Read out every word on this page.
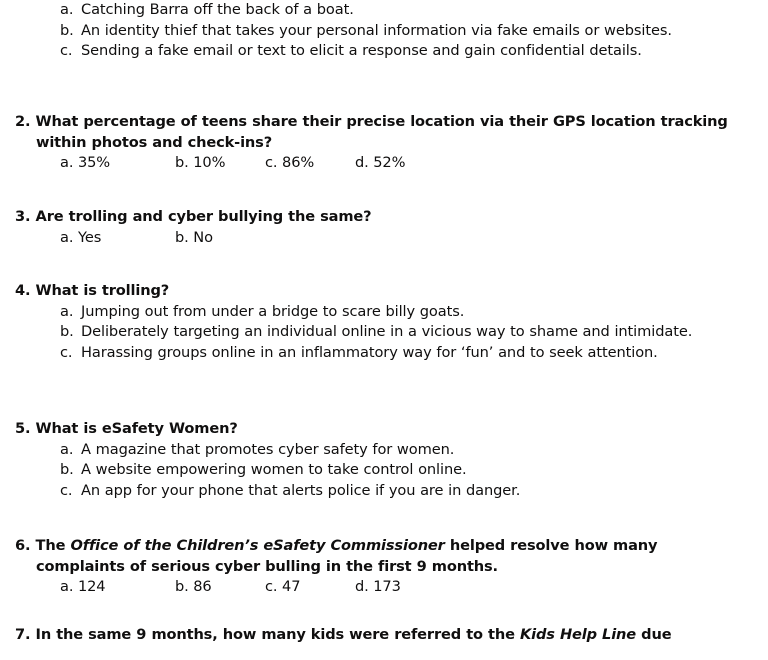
a. Catching Barra off the back of a boat.
b. An identity thief that takes your personal information via fake emails or websites.
c. Sending a fake email or text to elicit a response and gain confidential details.
2. What percentage of teens share their precise location via their GPS location tracking within photos and check-ins?
a. 35%	b. 10%	c. 86%	d. 52%
3. Are trolling and cyber bullying the same?
a. Yes	b. No
4. What is trolling?
a. Jumping out from under a bridge to scare billy goats.
b. Deliberately targeting an individual online in a vicious way to shame and intimidate.
c. Harassing groups online in an inflammatory way for ‘fun’ and to seek attention.
5. What is eSafety Women?
a. A magazine that promotes cyber safety for women.
b. A website empowering women to take control online.
c. An app for your phone that alerts police if you are in danger.
6. The Office of the Children’s eSafety Commissioner helped resolve how many complaints of serious cyber bulling in the first 9 months.
a. 124	b. 86	c. 47	d. 173
7. In the same 9 months, how many kids were referred to the Kids Help Line due
